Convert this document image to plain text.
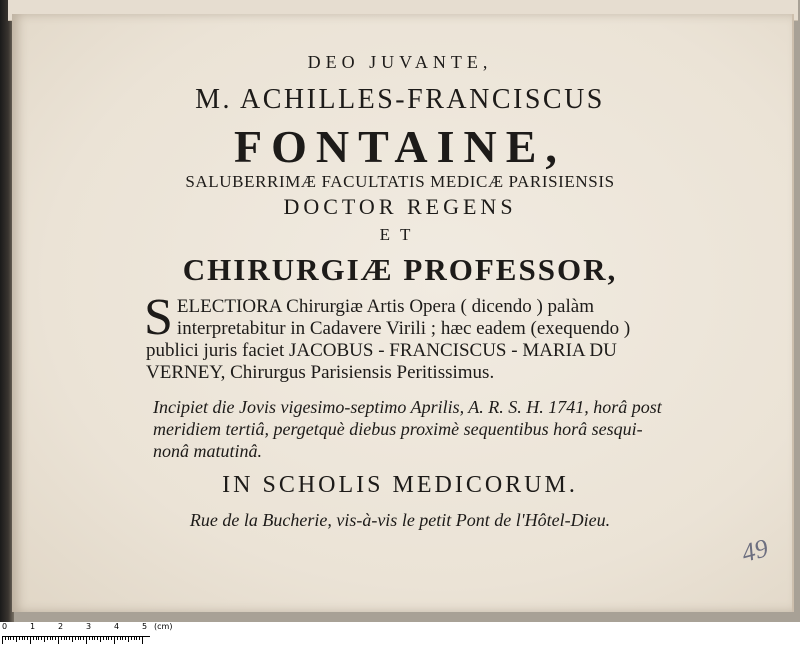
DEO JUVANTE,
M. ACHILLES-FRANCISCUS
FONTAINE,
SALUBERRIMÆ FACULTATIS MEDICÆ PARISIENSIS
DOCTOR REGENS
ET
CHIRURGIÆ PROFESSOR,
SELECTIORA Chirurgiæ Artis Opera ( dicendo ) palàm interpretabitur in Cadavere Virili ; hæc eadem (exequendo ) publici juris faciet JACOBUS - FRANCISCUS - MARIA DU VERNEY, Chirurgus Parisiensis Peritissimus.
Incipiet die Jovis vigesimo-septimo Aprilis, A. R. S. H. 1741, horâ post meridiem tertiâ, pergetquè diebus proximè sequentibus horâ sesqui-nonâ matutinâ.
IN SCHOLIS MEDICORUM.
Rue de la Bucherie, vis-à-vis le petit Pont de l'Hôtel-Dieu.
49
0	1	2	3	4	5 (cm)
